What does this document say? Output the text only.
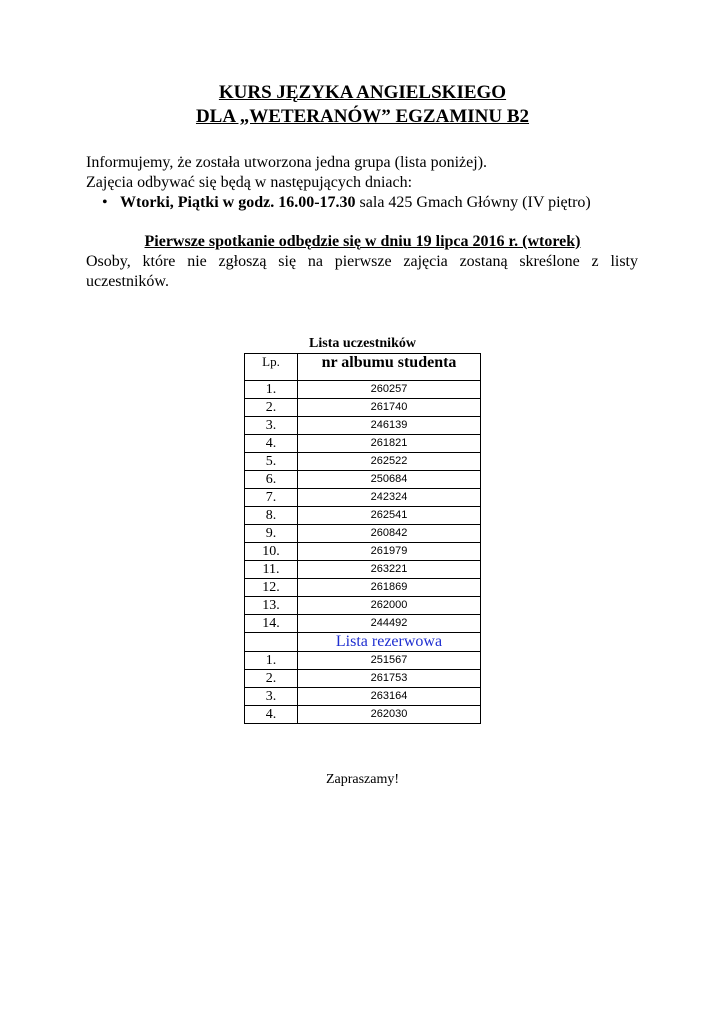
KURS JĘZYKA ANGIELSKIEGO
DLA „WETERANÓW” EGZAMINU B2
Informujemy, że została utworzona jedna grupa (lista poniżej).
Zajęcia odbywać się będą w następujących dniach:
• Wtorki, Piątki w godz. 16.00-17.30 sala 425 Gmach Główny (IV piętro)
Pierwsze spotkanie odbędzie się w dniu 19 lipca 2016 r. (wtorek)
Osoby, które nie zgłoszą się na pierwsze zajęcia zostaną skreślone z listy uczestników.
Lista uczestników
Lp.	nr albumu studenta
1.	260257
2.	261740
3.	246139
4.	261821
5.	262522
6.	250684
7.	242324
8.	262541
9.	260842
10.	261979
11.	263221
12.	261869
13.	262000
14.	244492
	Lista rezerwowa
1.	251567
2.	261753
3.	263164
4.	262030
Zapraszamy!
